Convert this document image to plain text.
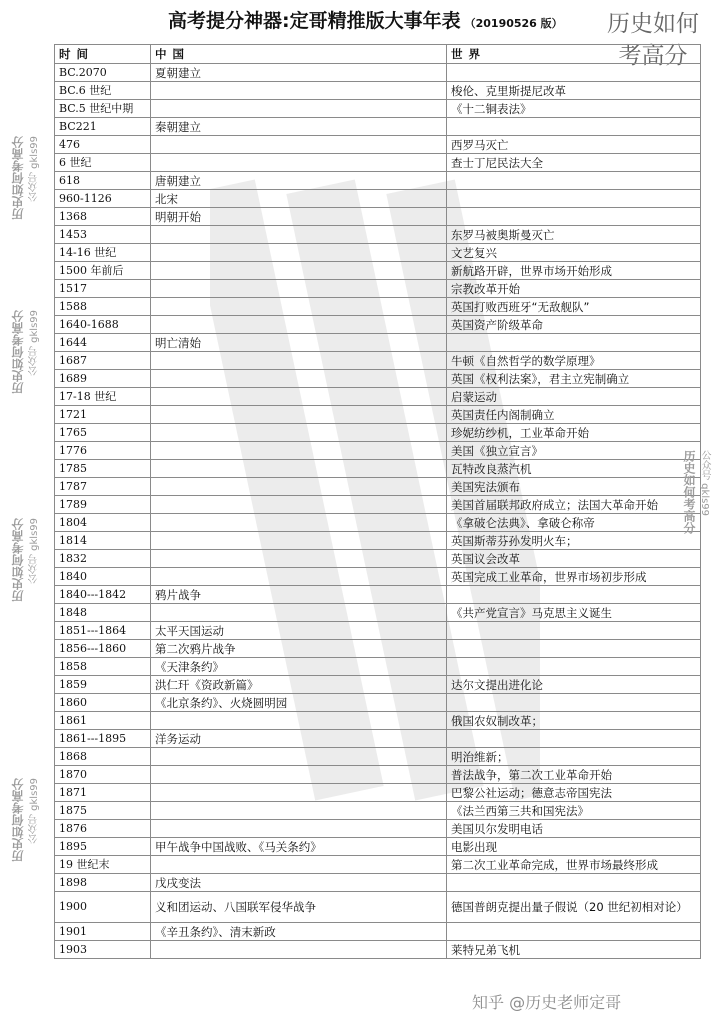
高考提分神器:定哥精推版大事年表 （20190526 版）	历史如何
考高分
时 间	中 国	世 界
BC.2070	夏朝建立	
BC.6 世纪		梭伦、克里斯提尼改革
BC.5 世纪中期		《十二铜表法》
BC221	秦朝建立	
476		西罗马灭亡
6 世纪		查士丁尼民法大全
618	唐朝建立	
960-1126	北宋	
1368	明朝开始	
1453		东罗马被奥斯曼灭亡
14-16 世纪		文艺复兴
1500 年前后		新航路开辟，世界市场开始形成
1517		宗教改革开始
1588		英国打败西班牙“无敌舰队”
1640-1688		英国资产阶级革命
1644	明亡清始	
1687		牛顿《自然哲学的数学原理》
1689		英国《权利法案》，君主立宪制确立
17-18 世纪		启蒙运动
1721		英国责任内阁制确立
1765		珍妮纺纱机，工业革命开始
1776		美国《独立宣言》
1785		瓦特改良蒸汽机
1787		美国宪法颁布
1789		美国首届联邦政府成立；法国大革命开始
1804		《拿破仑法典》、拿破仑称帝
1814		英国斯蒂芬孙发明火车；
1832		英国议会改革
1840		英国完成工业革命，世界市场初步形成
1840---1842	鸦片战争	
1848		《共产党宣言》马克思主义诞生
1851---1864	太平天国运动	
1856---1860	第二次鸦片战争	
1858	《天津条约》	
1859	洪仁玕《资政新篇》	达尔文提出进化论
1860	《北京条约》、火烧圆明园	
1861		俄国农奴制改革；
1861---1895	洋务运动	
1868		明治维新；
1870		普法战争，第二次工业革命开始
1871		巴黎公社运动；德意志帝国宪法
1875		《法兰西第三共和国宪法》
1876		美国贝尔发明电话
1895	甲午战争中国战败、《马关条约》	电影出现
19 世纪末		第二次工业革命完成，世界市场最终形成
1898	戊戌变法	
1900	义和团运动、八国联军侵华战争	德国普朗克提出量子假说（20 世纪初相对论）
1901	《辛丑条约》、清末新政	
1903		莱特兄弟飞机
历史如何考高分 公众号 gkls99
历史如何考高分 公众号 gkls99
历史如何考高分 公众号 gkls99
历史如何考高分 公众号 gkls99
历史如何考高分 公众号 gkls99
知乎 @历史老师定哥
